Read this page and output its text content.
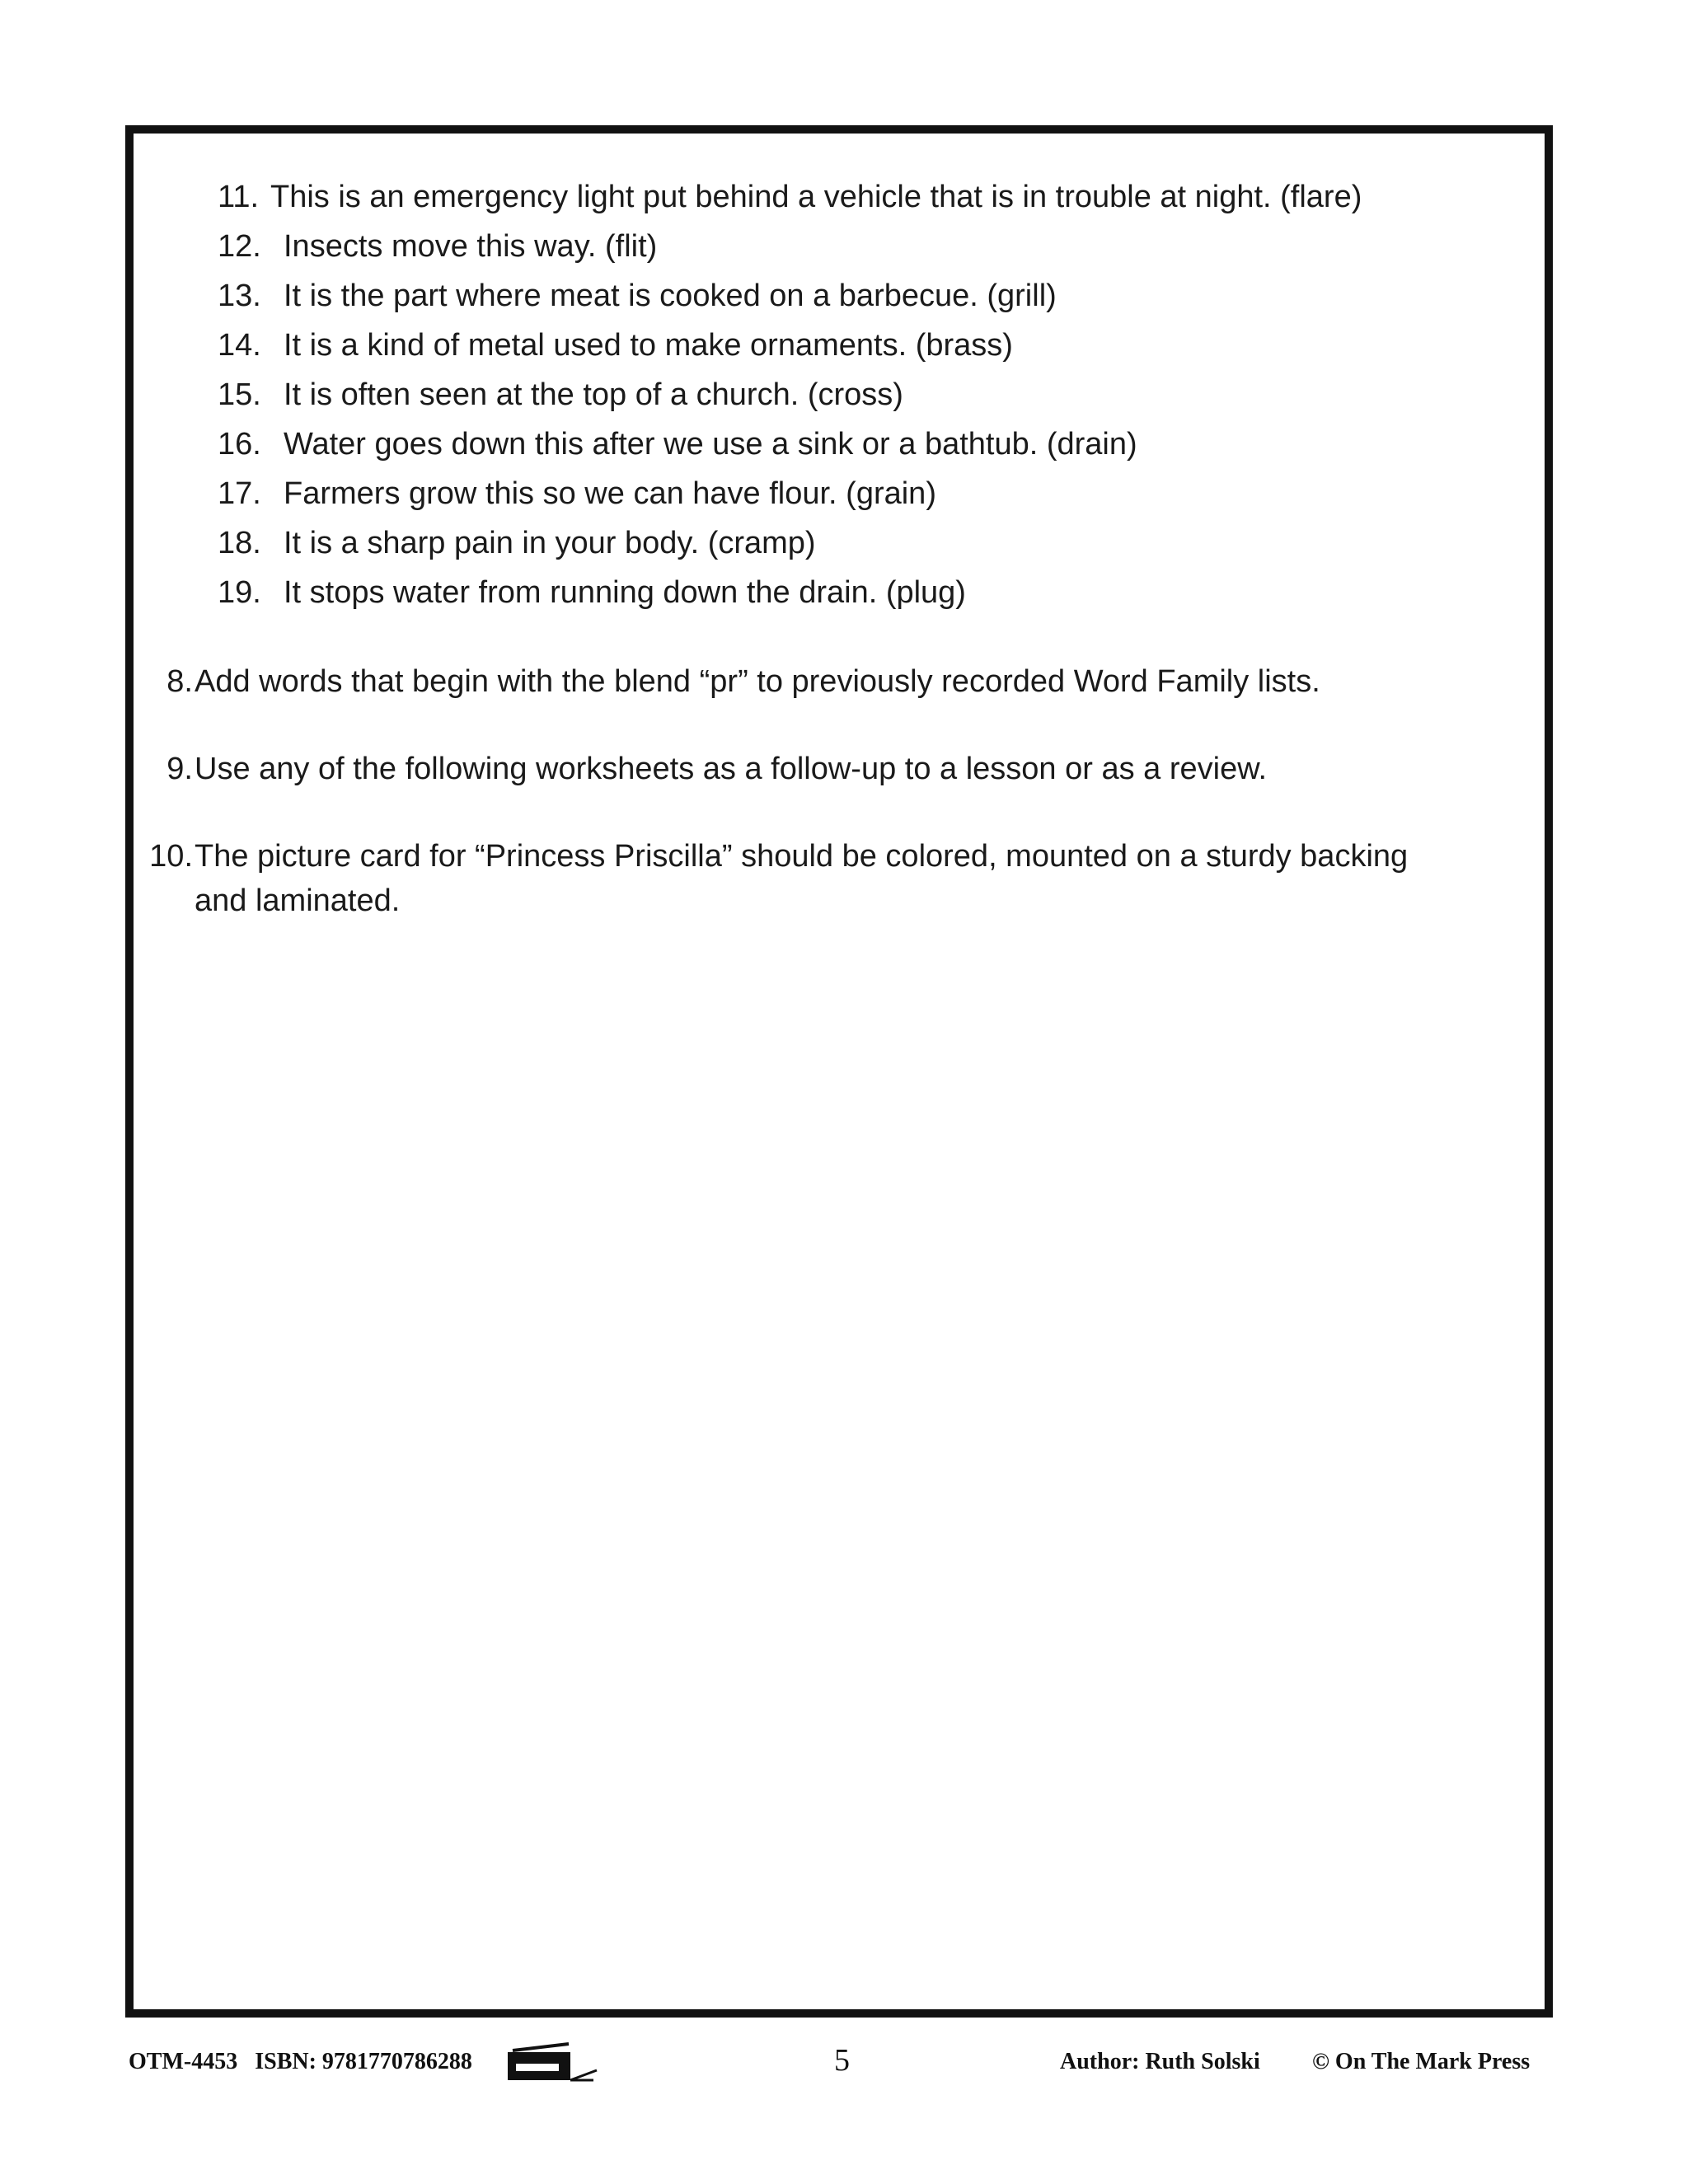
11. This is an emergency light put behind a vehicle that is in trouble at night. (flare)
12. Insects move this way. (flit)
13. It is the part where meat is cooked on a barbecue. (grill)
14. It is a kind of metal used to make ornaments. (brass)
15. It is often seen at the top of a church. (cross)
16. Water goes down this after we use a sink or a bathtub. (drain)
17. Farmers grow this so we can have flour. (grain)
18. It is a sharp pain in your body. (cramp)
19. It stops water from running down the drain. (plug)
8. Add words that begin with the blend “pr” to previously recorded Word Family lists.
9. Use any of the following worksheets as a follow-up to a lesson or as a review.
10. The picture card for “Princess Priscilla” should be colored, mounted on a sturdy backing and laminated.
OTM-4453 ISBN: 9781770786288	5	Author: Ruth Solski © On The Mark Press
